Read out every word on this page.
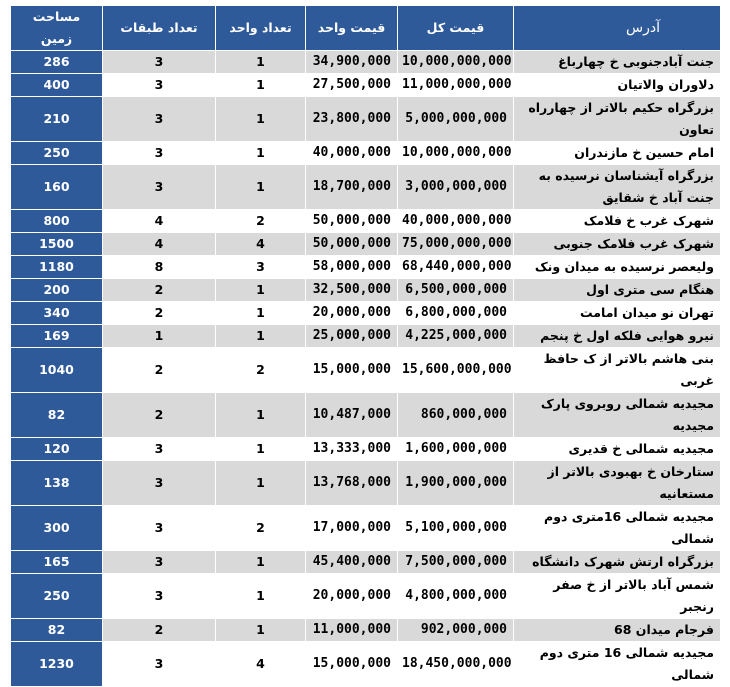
مساحت زمین	تعداد طبقات	تعداد واحد	قیمت واحد	قیمت کل	آدرس
286	3	1	34,900,000	10,000,000,000	جنت آبادجنوبی خ چهارباغ
400	3	1	27,500,000	11,000,000,000	دلاوران والاتیان
210	3	1	23,800,000	5,000,000,000	بزرگراه حکیم بالاتر از چهارراه تعاون
250	3	1	40,000,000	10,000,000,000	امام حسین خ مازندران
160	3	1	18,700,000	3,000,000,000	بزرگراه آیشناسان نرسیده به جنت آباد خ شقایق
800	4	2	50,000,000	40,000,000,000	شهرک غرب خ فلامک
1500	4	4	50,000,000	75,000,000,000	شهرک غرب فلامک جنوبی
1180	8	3	58,000,000	68,440,000,000	ولیعصر نرسیده به میدان ونک
200	2	1	32,500,000	6,500,000,000	هنگام سی متری اول
340	2	1	20,000,000	6,800,000,000	تهران نو میدان امامت
169	1	1	25,000,000	4,225,000,000	نیرو هوایی فلکه اول خ پنجم
1040	2	2	15,000,000	15,600,000,000	بنی هاشم بالاتر از ک حافظ غربی
82	2	1	10,487,000	860,000,000	مجیدیه شمالی روبروی پارک مجیدیه
120	3	1	13,333,000	1,600,000,000	مجیدیه شمالی خ قدیری
138	3	1	13,768,000	1,900,000,000	ستارخان خ بهبودی بالاتر از مستعانیه
300	3	2	17,000,000	5,100,000,000	مجیدیه شمالی 16متری دوم شمالی
165	3	1	45,400,000	7,500,000,000	بزرگراه ارتش شهرک دانشگاه
250	3	1	20,000,000	4,800,000,000	شمس آباد بالاتر از خ صفر رنجبر
82	2	1	11,000,000	902,000,000	فرجام میدان 68
1230	3	4	15,000,000	18,450,000,000	مجیدیه شمالی 16 متری دوم شمالی
